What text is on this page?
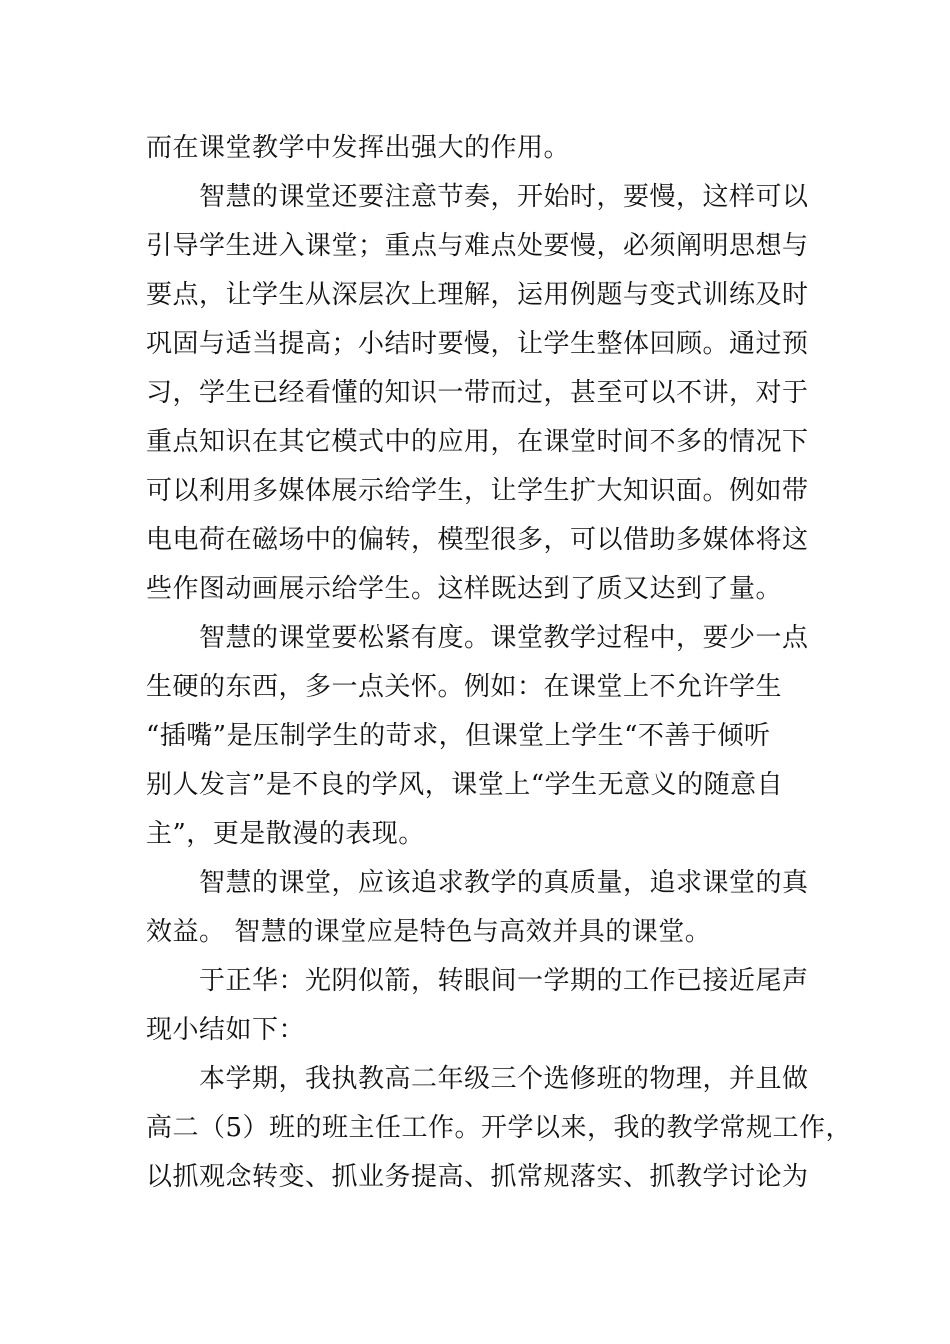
而在课堂教学中发挥出强大的作用。
智慧的课堂还要注意节奏，开始时，要慢，这样可以
引导学生进入课堂；重点与难点处要慢，必须阐明思想与
要点，让学生从深层次上理解，运用例题与变式训练及时
巩固与适当提高；小结时要慢，让学生整体回顾。通过预
习，学生已经看懂的知识一带而过，甚至可以不讲，对于
重点知识在其它模式中的应用，在课堂时间不多的情况下
可以利用多媒体展示给学生，让学生扩大知识面。例如带
电电荷在磁场中的偏转，模型很多，可以借助多媒体将这
些作图动画展示给学生。这样既达到了质又达到了量。
智慧的课堂要松紧有度。课堂教学过程中，要少一点
生硬的东西，多一点关怀。例如：在课堂上不允许学生
“插嘴”是压制学生的苛求，但课堂上学生“不善于倾听
别人发言”是不良的学风，课堂上“学生无意义的随意自
主”，更是散漫的表现。
智慧的课堂，应该追求教学的真质量，追求课堂的真
效益。 智慧的课堂应是特色与高效并具的课堂。
于正华：光阴似箭，转眼间一学期的工作已接近尾声
现小结如下：
本学期，我执教高二年级三个选修班的物理，并且做
高二（5）班的班主任工作。开学以来，我的教学常规工作，
以抓观念转变、抓业务提高、抓常规落实、抓教学讨论为
